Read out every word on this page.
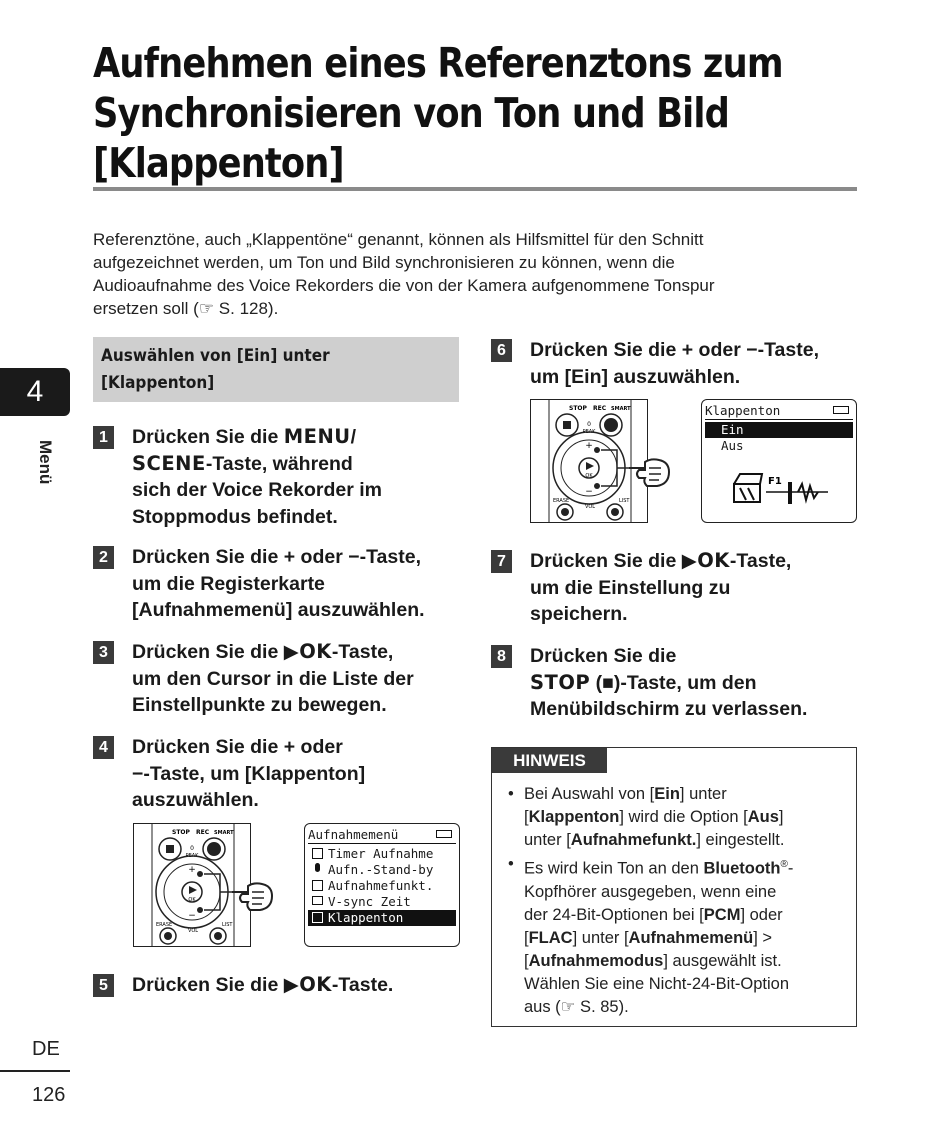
Aufnehmen eines Referenztons zum
Synchronisieren von Ton und Bild
[Klappenton]
Referenztöne, auch „Klappentöne“ genannt, können als Hilfsmittel für den Schnitt
aufgezeichnet werden, um Ton und Bild synchronisieren zu können, wenn die
Audioaufnahme des Voice Rekorders die von der Kamera aufgenommene Tonspur
ersetzen soll (☞ S. 128).
4
Menü
DE
126
Auswählen von [Ein] unter
[Klappenton]
1	Drücken Sie die MENU/
SCENE-Taste, während
sich der Voice Rekorder im
Stoppmodus befindet.
2	Drücken Sie die + oder −-Taste,
um die Registerkarte
[Aufnahmemenü] auszuwählen.
3	Drücken Sie die ▶OK-Taste,
um den Cursor in die Liste der
Einstellpunkte zu bewegen.
4	Drücken Sie die + oder
−-Taste, um [Klappenton]
auszuwählen.
STOP REC SMART
0
PEAK
OK
+
−
ERASE	LIST
VOL
Aufnahmemenü
Timer Aufnahme
Aufn.-Stand-by
Aufnahmefunkt.
V-sync Zeit
Klappenton
5	Drücken Sie die ▶OK-Taste.
6	Drücken Sie die + oder −-Taste,
um [Ein] auszuwählen.
STOP REC SMART
0
PEAK
OK
+
−
ERASE	LIST
VOL
Klappenton
Ein
Aus
F1
7	Drücken Sie die ▶OK-Taste,
um die Einstellung zu
speichern.
8	Drücken Sie die
STOP (■)-Taste, um den
Menübildschirm zu verlassen.
HINWEIS
• Bei Auswahl von [Ein] unter
[Klappenton] wird die Option [Aus]
unter [Aufnahmefunkt.] eingestellt.
• Es wird kein Ton an den Bluetooth®-
Kopfhörer ausgegeben, wenn eine
der 24-Bit-Optionen bei [PCM] oder
[FLAC] unter [Aufnahmemenü] >
[Aufnahmemodus] ausgewählt ist.
Wählen Sie eine Nicht-24-Bit-Option
aus (☞ S. 85).
